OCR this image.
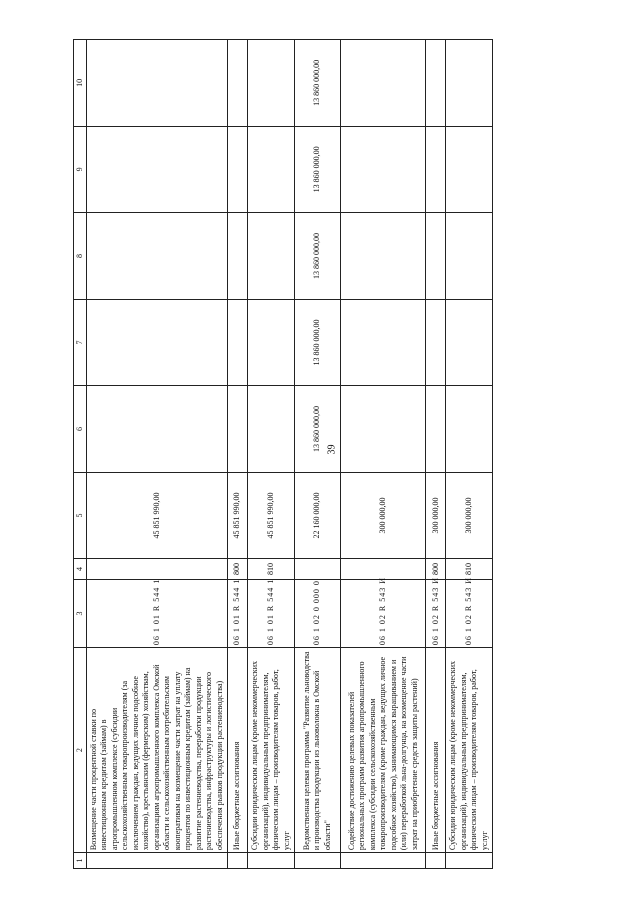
39
1	2	3	4	5	6	7	8	9	10
	Возмещение части процентной ставки по инвестиционным кредитам (займам) в агропромышленном комплексе (субсидии сельскохозяйственным товаропроизводителям (за исключением граждан, ведущих личное подсобное хозяйство), крестьянским (фермерским) хозяйствам, организациям агропромышленного комплекса Омской области и сельскохозяйственным потребительским кооперативам на возмещение части затрат на уплату процентов по инвестиционным кредитам (займам) на развитие растениеводства, переработки продукции растениеводства, инфраструктуры и логистического обеспечения рынков продукции растениеводства)	06 1 01 R 544 1		45 851 990,00					
	Иные бюджетные ассигнования	06 1 01 R 544 1	800	45 851 990,00					
	Субсидии юридическим лицам (кроме некоммерческих организаций), индивидуальным предпринимателям, физическим лицам – производителям товаров, работ, услуг	06 1 01 R 544 1	810	45 851 990,00					
	Ведомственная целевая программа "Развитие льноводства и производства продукции из льноволокна в Омской области"	06 1 02 0 000 0		22 160 000,00	13 860 000,00	13 860 000,00	13 860 000,00	13 860 000,00	13 860 000,00
	Содействие достижению целевых показателей региональных программ развития агропромышленного комплекса (субсидии сельскохозяйственным товаропроизводителям (кроме граждан, ведущих личное подсобное хозяйство), занимающимся выращиванием и (или) переработкой льна-долгунца, на возмещение части затрат на приобретение средств защиты растений)	06 1 02 R 543 И		300 000,00					
	Иные бюджетные ассигнования	06 1 02 R 543 И	800	300 000,00					
	Субсидии юридическим лицам (кроме некоммерческих организаций), индивидуальным предпринимателям, физическим лицам – производителям товаров, работ, услуг	06 1 02 R 543 И	810	300 000,00					
